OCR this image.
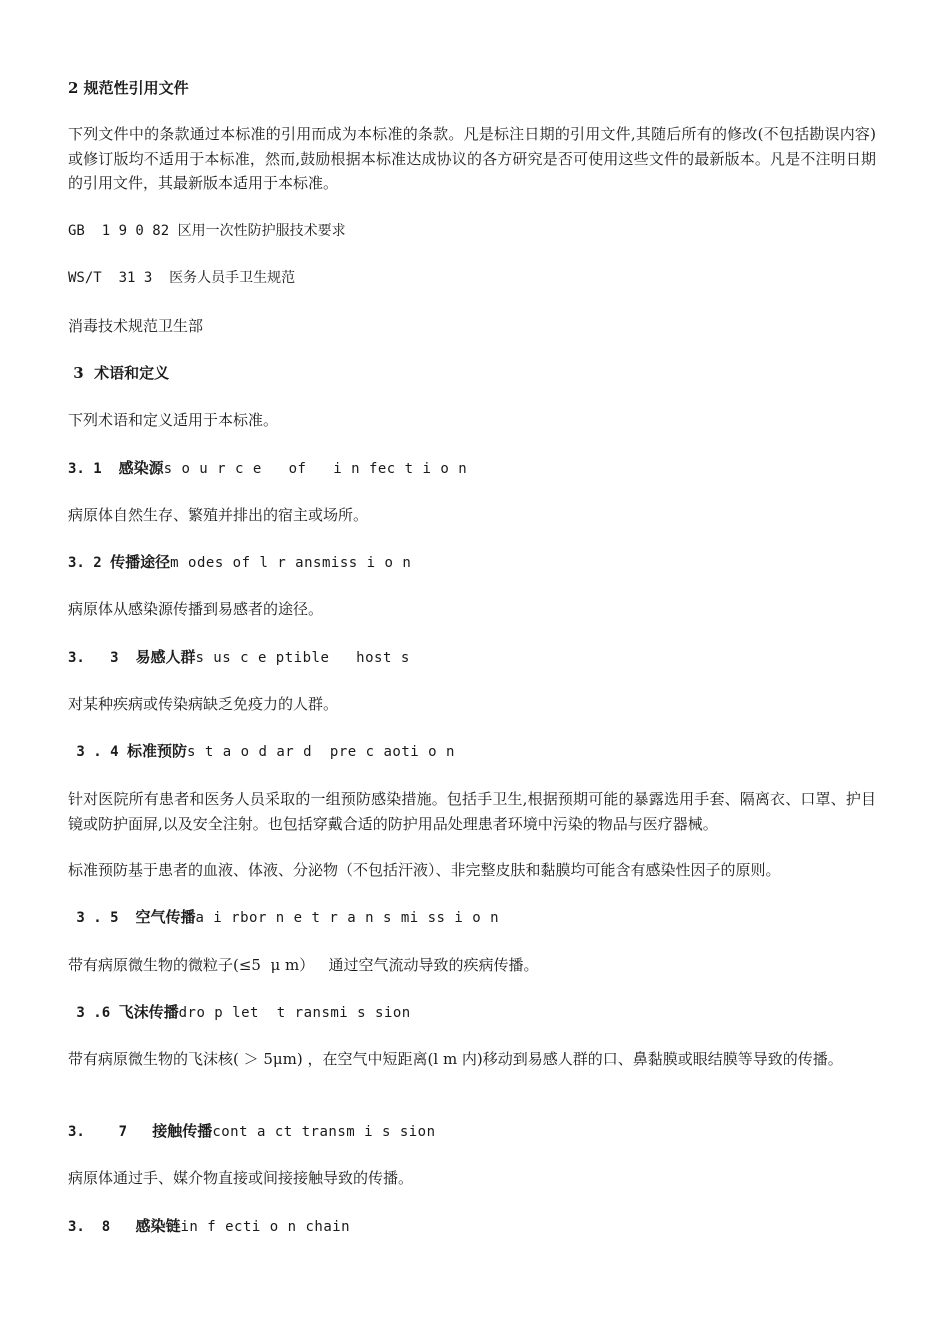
2 规范性引用文件
下列文件中的条款通过本标准的引用而成为本标准的条款。凡是标注日期的引用文件,其随后所有的修改(不包括勘误内容)或修订版均不适用于本标准，然而,鼓励根据本标准达成协议的各方研究是否可使用这些文件的最新版本。凡是不注明日期的引用文件，其最新版本适用于本标准。
GB  1 9 0 82 区用一次性防护服技术要求
WS/T  31 3  医务人员手卫生规范
消毒技术规范卫生部
3  术语和定义
下列术语和定义适用于本标准。
3. 1  感染源s o u r c e   of   i n fec t i o n
病原体自然生存、繁殖并排出的宿主或场所。
3. 2 传播途径m odes of l r ansmiss i o n
病原体从感染源传播到易感者的途径。
3.   3  易感人群s us c e ptible   host s
对某种疾病或传染病缺乏免疫力的人群。
3 . 4 标准预防s t a o d ar d  pre c aoti o n
针对医院所有患者和医务人员采取的一组预防感染措施。包括手卫生,根据预期可能的暴露选用手套、隔离衣、口罩、护目镜或防护面屏,以及安全注射。也包括穿戴合适的防护用品处理患者环境中污染的物品与医疗器械。
标准预防基于患者的血液、体液、分泌物（不包括汗液）、非完整皮肤和黏膜均可能含有感染性因子的原则。
3 . 5  空气传播a i rbor n e t r a n s mi ss i o n
带有病原微生物的微粒子(≤5  μ m）   通过空气流动导致的疾病传播。
3 .6 飞沫传播dro p let  t ransmi s sion
带有病原微生物的飞沫核( ＞ 5μm) ，在空气中短距离(l m 内)移动到易感人群的口、鼻黏膜或眼结膜等导致的传播。
3.    7   接触传播cont a ct transm i s sion
病原体通过手、媒介物直接或间接接触导致的传播。
3.  8   感染链in f ecti o n chain
